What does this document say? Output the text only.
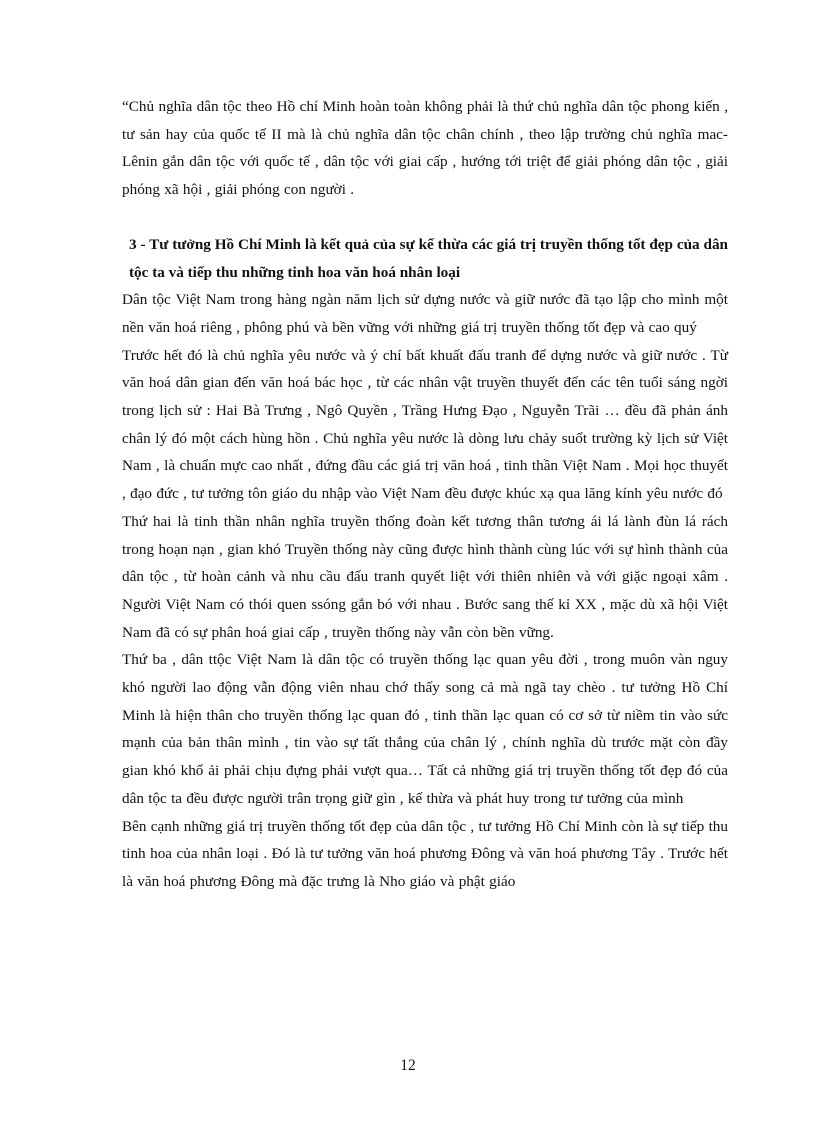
“Chủ nghĩa dân tộc theo Hồ chí Minh hoàn toàn không phải là thứ chủ nghĩa dân tộc phong kiến , tư sản hay của quốc tế II mà là chủ nghĩa dân tộc chân chính , theo lập trường chủ nghĩa mac-Lênin gắn dân tộc với quốc tế , dân tộc với giai cấp , hướng tới triệt để giải phóng dân tộc , giải phóng xã hội , giải phóng con người .

3 - Tư tưởng Hồ Chí Minh là kết quả của sự kế thừa các giá trị truyền thống tốt đẹp của dân tộc ta và tiếp thu những tinh hoa văn hoá nhân loại

Dân tộc Việt Nam trong hàng ngàn năm lịch sử dựng nước và giữ nước đã tạo lập cho mình một nền văn hoá riêng , phông phú và bền vững với những giá trị truyền thống tốt đẹp và cao quý

Trước hết đó là chủ nghĩa yêu nước và ý chí bất khuất đấu tranh để dựng nước và giữ nước . Từ văn hoá dân gian đến văn hoá bác học , từ các nhân vật truyền thuyết đến các tên tuổi sáng ngời trong lịch sử : Hai Bà Trưng , Ngô Quyền , Trầng Hưng Đạo , Nguyễn Trãi … đều đã phản ánh chân lý đó một cách hùng hồn . Chủ nghĩa yêu nước là dòng lưu chảy suốt trường kỳ lịch sử Việt Nam , là chuẩn mực cao nhất , đứng đầu các giá trị văn hoá , tinh thần Việt Nam . Mọi học thuyết , đạo đức , tư tưởng tôn giáo du nhập vào Việt Nam đều được khúc xạ qua lăng kính yêu nước đó

Thứ hai là tinh thần nhân nghĩa truyền thống đoàn kết tương thân tương ái lá lành đùn lá rách trong hoạn nạn , gian khó Truyền thống này cũng được hình thành cùng lúc với sự hình thành của dân tộc , từ hoàn cảnh và nhu cầu đấu tranh quyết liệt với thiên nhiên và với giặc ngoại xâm . Người Việt Nam có thói quen ssóng gắn bó với nhau . Bước sang thế kỉ XX , mặc dù xã hội Việt Nam đã có sự phân hoá giai cấp , truyền thống này vẫn còn bền vững.

Thứ ba , dân ttộc Việt Nam là dân tộc có truyền thống lạc quan yêu đời , trong muôn vàn nguy khó người lao động vẫn động viên nhau chớ thấy song cả mà ngã tay chèo . tư tưởng Hồ Chí Minh là hiện thân cho truyền thống lạc quan đó , tinh thần lạc quan có cơ sở từ niềm tin vào sức mạnh của bản thân mình , tin vào sự tất thắng của chân lý , chính nghĩa dù trước mặt còn đầy gian khó khổ ải phải chịu đựng phải vượt qua… Tất cả những giá trị truyền thống tốt đẹp đó của dân tộc ta đều được người trân trọng giữ gìn , kế thừa và phát huy trong tư tưởng của mình

Bên cạnh những giá trị truyền thống tốt đẹp của dân tộc , tư tưởng Hồ Chí Minh còn là sự tiếp thu tinh hoa của nhân loại . Đó là tư tưởng văn hoá phương Đông và văn hoá phương Tây . Trước hết là văn hoá phương Đông mà đặc trưng là Nho giáo và phật giáo

12
